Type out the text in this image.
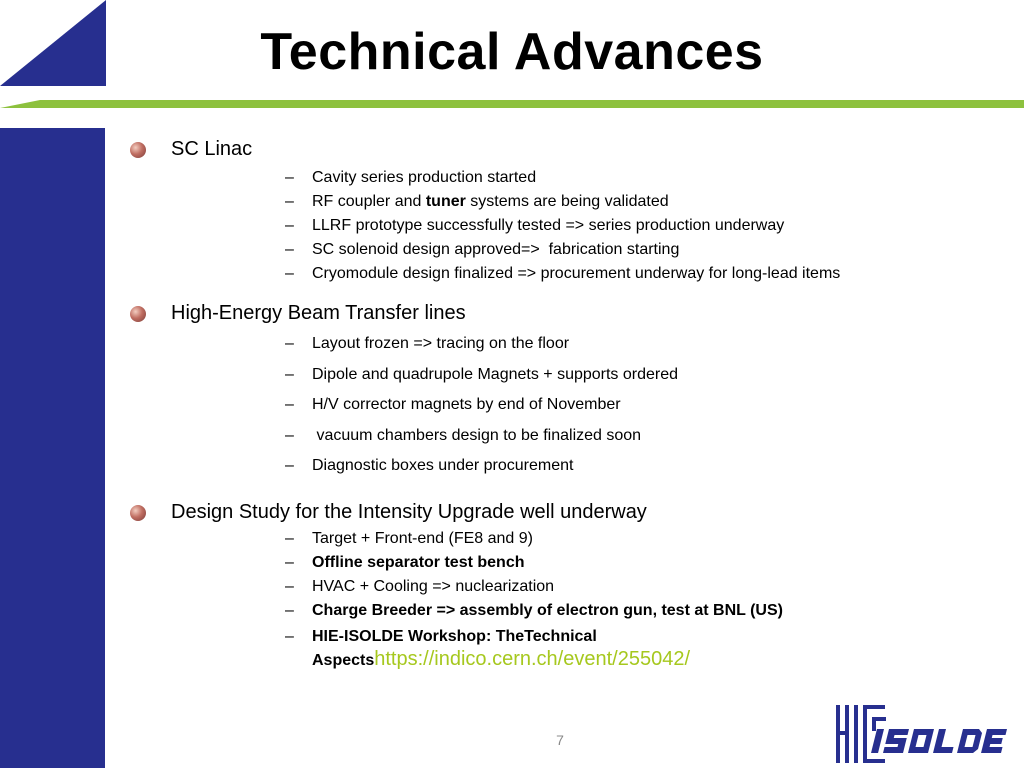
Technical Advances
SC Linac
–	Cavity series production started
–	RF coupler and tuner systems are being validated
–	LLRF prototype successfully tested => series production underway
–	SC solenoid design approved=>  fabrication starting
–	Cryomodule design finalized => procurement underway for long-lead items
High-Energy Beam Transfer lines
–	Layout frozen => tracing on the floor
–	Dipole and quadrupole Magnets + supports ordered
–	H/V corrector magnets by end of November
–	vacuum chambers design to be finalized soon
–	Diagnostic boxes under procurement
Design Study for the Intensity Upgrade well underway
–	Target + Front-end (FE8 and 9)
–	Offline separator test bench
–	HVAC + Cooling => nuclearization
–	Charge Breeder => assembly of electron gun, test at BNL (US)
–	HIE-ISOLDE Workshop: TheTechnical Aspectshttps://indico.cern.ch/event/255042/
7
